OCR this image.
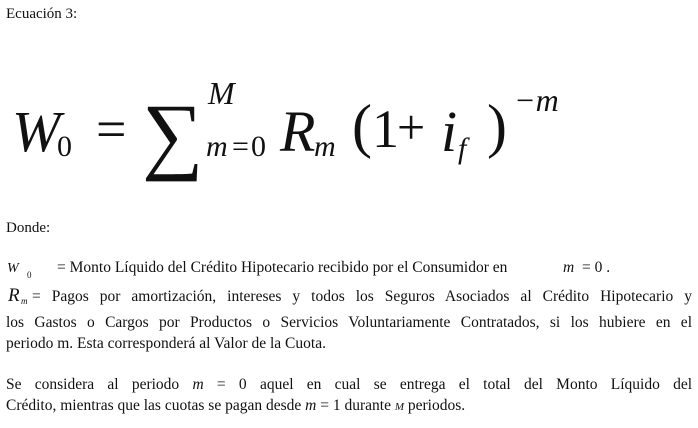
Ecuación 3:
W
0 = ∑ M
m = 0 R
m ( 1
+ i f ) −m
Donde:
W 0 = Monto Líquido del Crédito Hipotecario recibido por el Consumidor en	m = 0 .
R m = Pagos por amortización, intereses y todos los Seguros Asociados al Crédito Hipotecario y
los Gastos o Cargos por Productos o Servicios Voluntariamente Contratados, si los hubiere en el
periodo m. Esta corresponderá al Valor de la Cuota.
Se considera al periodo m = 0 aquel en cual se entrega el total del Monto Líquido del
Crédito, mientras que las cuotas se pagan desde m = 1 durante M periodos.
